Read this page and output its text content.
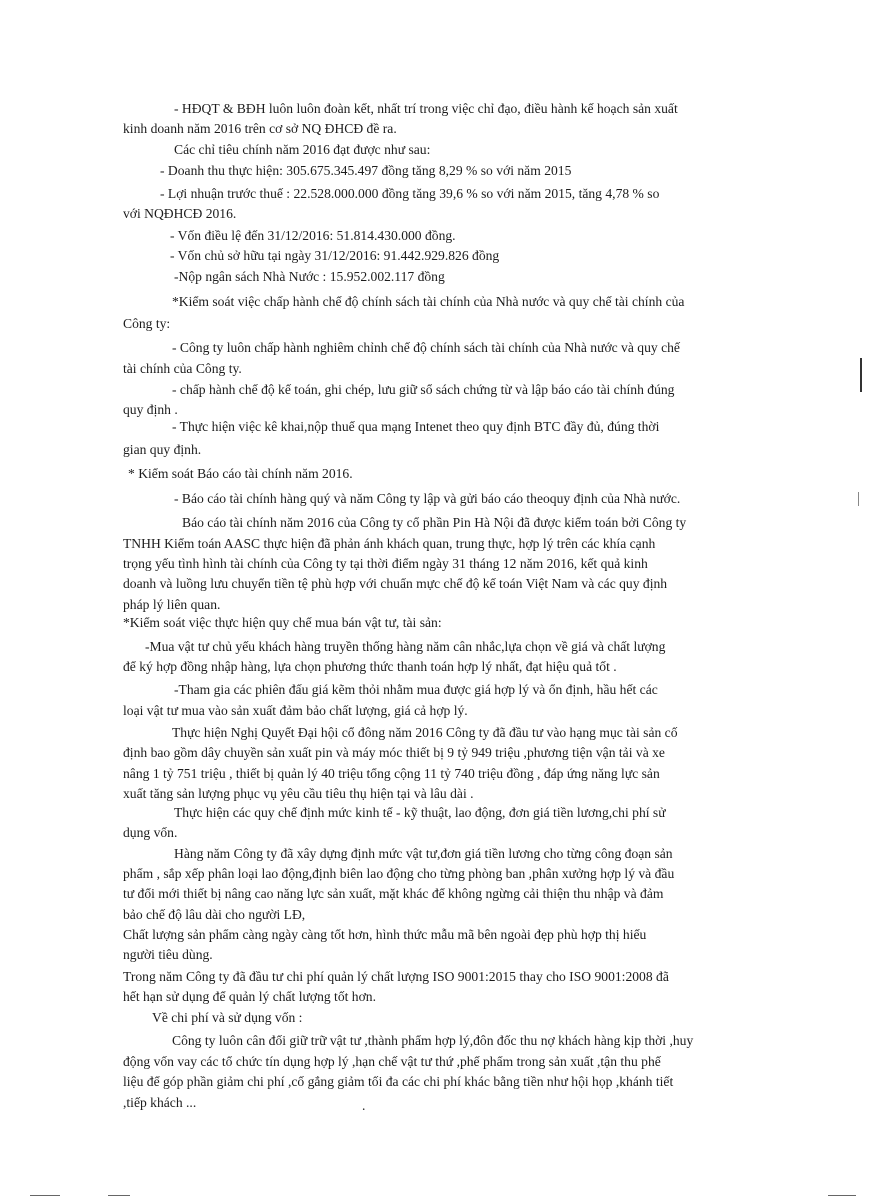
- HĐQT & BĐH luôn luôn đoàn kết, nhất trí trong việc chỉ đạo, điều hành kế hoạch sản xuất
kinh doanh năm 2016 trên cơ sở NQ ĐHCĐ đề ra.
Các chỉ tiêu chính năm 2016 đạt được như sau:
- Doanh thu thực hiện: 305.675.345.497 đồng tăng 8,29 % so với năm 2015
- Lợi nhuận trước thuế : 22.528.000.000 đồng tăng 39,6 % so với năm 2015, tăng 4,78 % so
với NQĐHCĐ 2016.
- Vốn điều lệ đến 31/12/2016: 51.814.430.000 đồng.
- Vốn chủ sở hữu tại ngày 31/12/2016: 91.442.929.826 đồng
-Nộp ngân sách Nhà Nước : 15.952.002.117 đồng
*Kiểm soát việc chấp hành chế độ chính sách tài chính của Nhà nước và quy chế tài chính của
Công ty:
- Công ty luôn chấp hành nghiêm chỉnh chế độ chính sách tài chính của Nhà nước và quy chế
tài chính của Công ty.
- chấp hành chế độ kế toán, ghi chép, lưu giữ sổ sách chứng từ và lập báo cáo tài chính đúng
quy định .
- Thực hiện việc kê khai,nộp thuế qua mạng Intenet theo quy định BTC đầy đủ, đúng thời
gian quy định.
* Kiểm soát Báo cáo tài chính năm 2016.
- Báo cáo tài chính hàng quý và năm Công ty lập và gửi báo cáo theoquy định của Nhà nước.
Báo cáo tài chính năm 2016 của Công ty cổ phần Pin Hà Nội đã được kiểm toán bởi Công ty
TNHH Kiểm toán AASC thực hiện đã phản ánh khách quan, trung thực, hợp lý trên các khía cạnh
trọng yếu tình hình tài chính của Công ty tại thời điểm ngày 31 tháng 12 năm 2016, kết quả kinh
doanh và luồng lưu chuyển tiền tệ phù hợp với chuẩn mực chế độ kế toán Việt Nam và các quy định
pháp lý liên quan.
*Kiểm soát việc thực hiện quy chế mua bán vật tư, tài sản:
-Mua vật tư chủ yếu khách hàng truyền thống hàng năm cân nhắc,lựa chọn về giá và chất lượng
để ký hợp đồng nhập hàng, lựa chọn phương thức thanh toán hợp lý nhất, đạt hiệu quả tốt .
-Tham gia các phiên đấu giá kẽm thỏi nhằm mua được giá hợp lý và ổn định, hầu hết các
loại vật tư mua vào sản xuất đảm bảo chất lượng, giá cả hợp lý.
Thực hiện Nghị Quyết Đại hội cổ đông năm 2016 Công ty đã đầu tư vào hạng mục tài sản cố
định bao gồm dây chuyền sản xuất pin và máy móc thiết bị 9 tỷ 949 triệu ,phương tiện vận tải và xe
nâng 1 tỷ 751 triệu , thiết bị quản lý 40 triệu tổng cộng 11 tỷ 740 triệu đồng , đáp ứng năng lực sản
xuất tăng sản lượng phục vụ yêu cầu tiêu thụ hiện tại và lâu dài .
Thực hiện các quy chế định mức kinh tế - kỹ thuật, lao động, đơn giá tiền lương,chi phí sử
dụng vốn.
Hàng năm Công ty đã xây dựng định mức vật tư,đơn giá tiền lương cho từng công đoạn sản
phẩm , sắp xếp phân loại lao động,định biên lao động cho từng phòng ban ,phân xưởng hợp lý và đầu
tư đổi mới thiết bị nâng cao năng lực sản xuất, mặt khác để không ngừng cải thiện thu nhập và đảm
bảo chế độ lâu dài cho người LĐ,
Chất lượng sản phẩm càng ngày càng tốt hơn, hình thức mẫu mã bên ngoài đẹp phù hợp thị hiếu
người tiêu dùng.
Trong năm Công ty đã đầu tư chi phí quản lý chất lượng ISO 9001:2015 thay cho ISO 9001:2008 đã
hết hạn sử dụng để quản lý chất lượng tốt hơn.
Về chi phí và sử dụng vốn :
Công ty luôn cân đối giữ trữ vật tư ,thành phẩm hợp lý,đôn đốc thu nợ khách hàng kịp thời ,huy
động vốn vay các tổ chức tín dụng hợp lý ,hạn chế vật tư thứ ,phế phẩm trong sản xuất ,tận thu phế
liệu để góp phần giảm chi phí ,cố gắng giảm tối đa các chi phí khác bằng tiền như hội họp ,khánh tiết
,tiếp khách ...	.
